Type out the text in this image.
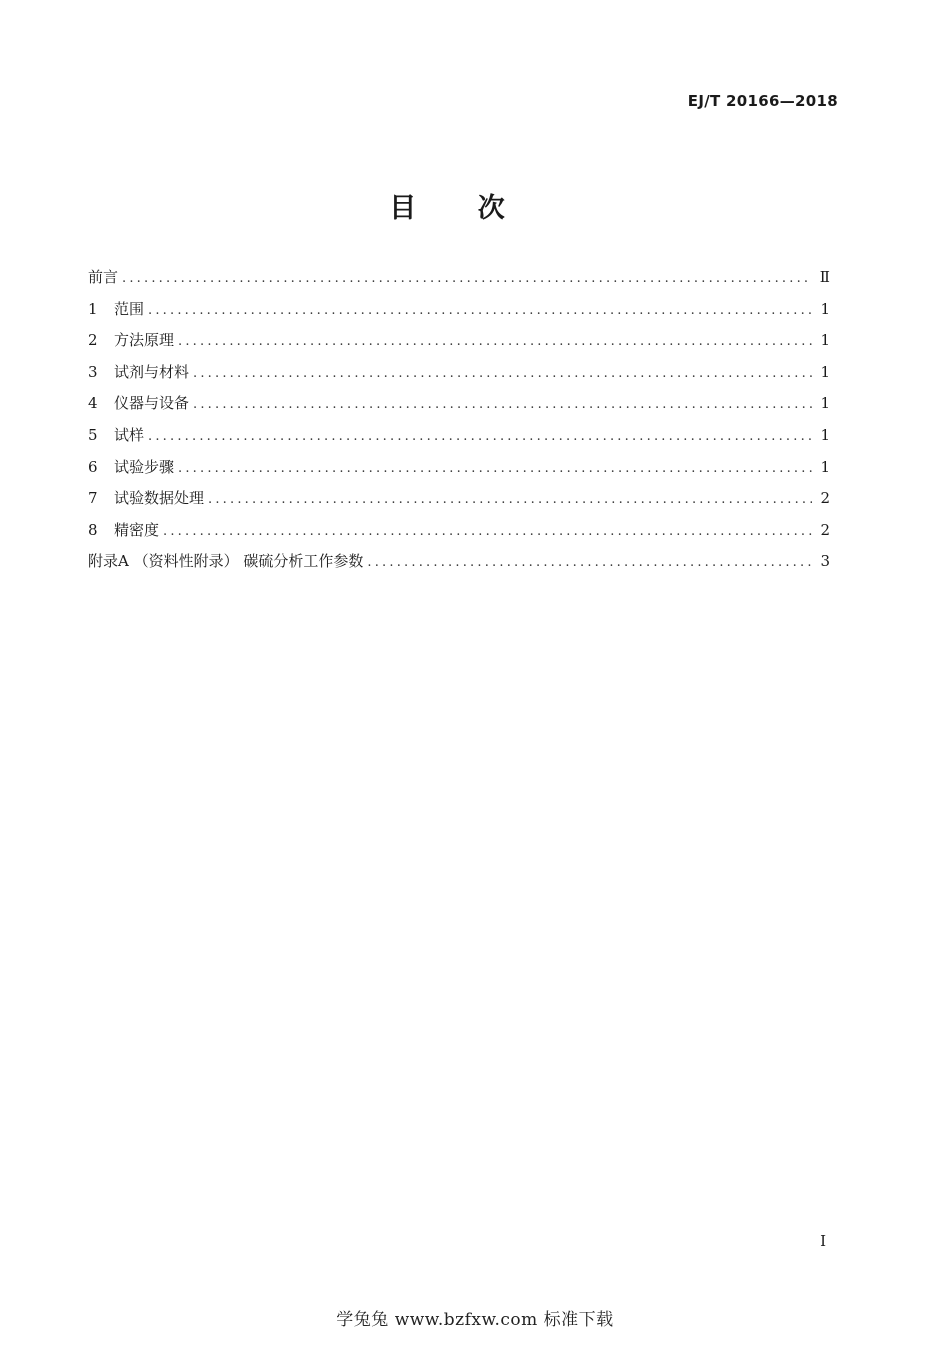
EJ/T 20166—2018
目 次
前言 .....	Ⅱ
1	范围 .....	1
2	方法原理 .....	1
3	试剂与材料 .....	1
4	仪器与设备 .....	1
5	试样 .....	1
6	试验步骤 .....	1
7	试验数据处理 .....	2
8	精密度 .....	2
附录A （资料性附录） 碳硫分析工作参数 .....	3
I
学兔兔 www.bzfxw.com 标准下载
